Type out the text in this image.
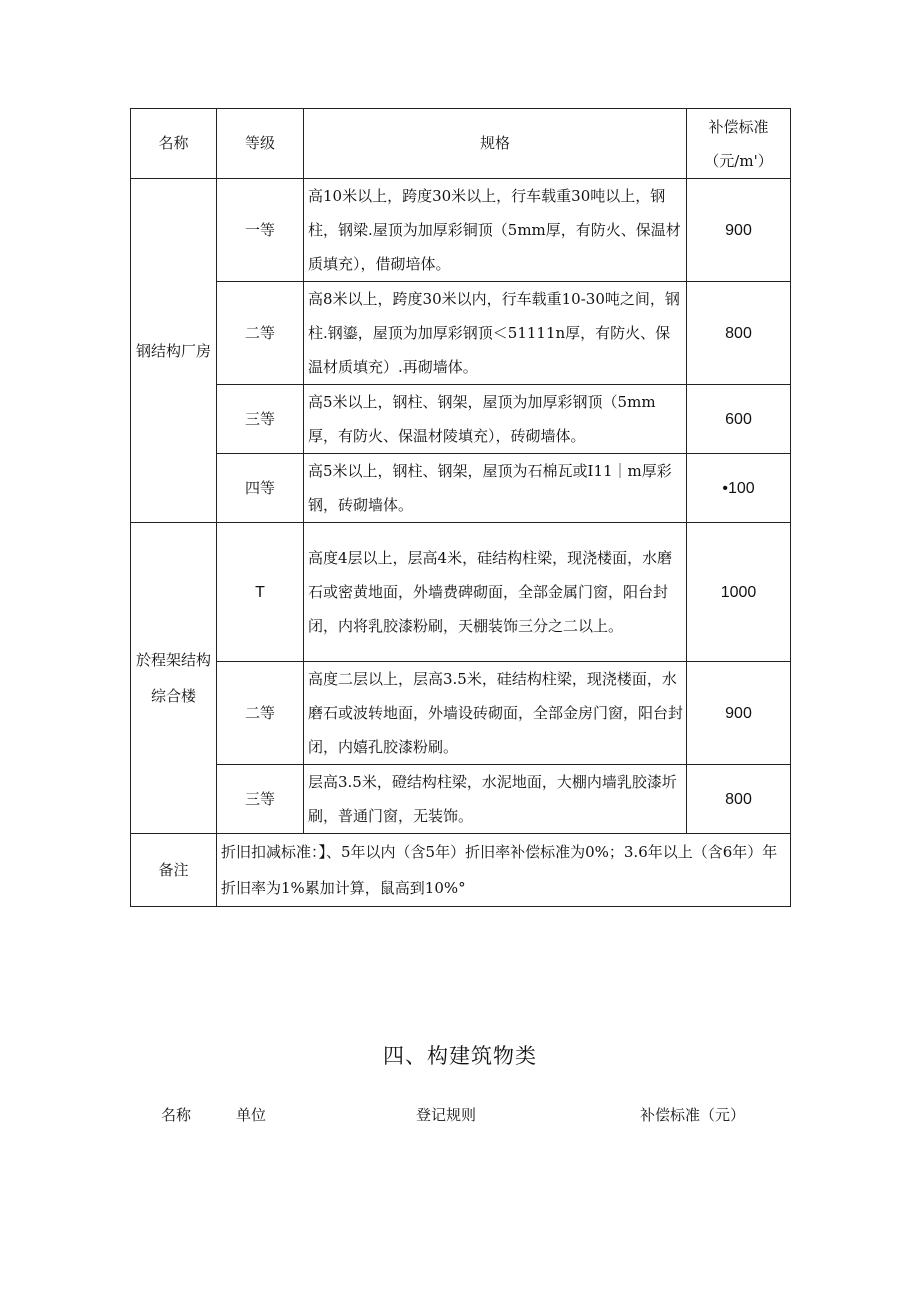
名称	等级	规格	补偿标准（元/m'）
钢结构厂房	一等	高10米以上，跨度30米以上，行车载重30吨以上，钢柱，钢梁.屋顶为加厚彩铜顶（5mm厚，有防火、保温材质填充），借砌培体。	900
	二等	高8米以上，跨度30米以内，行车载重10-30吨之间，钢柱.钢鎏，屋顶为加厚彩钢顶＜51111n厚，有防火、保温材质填充）.再砌墙体。	800
	三等	高5米以上，钢柱、钢架，屋顶为加厚彩钢顶（5mm厚，有防火、保温材陵填充），砖砌墙体。	600
	四等	高5米以上，钢柱、钢架，屋顶为石棉瓦或I11｜m厚彩钢，砖砌墙体。	•100
於程架结构综合楼	T	高度4层以上，层高4米，硅结构柱梁，现浇楼面，水磨石或密黄地面，外墙费碑砌面，全部金属门窗，阳台封闭，内将乳胶漆粉刷，天棚装饰三分之二以上。	1000
	二等	高度二层以上，层高3.5米，硅结构柱梁，现浇楼面，水磨石或波转地面，外墙设砖砌面，全部金房门窗，阳台封闭，内嬉孔胶漆粉刷。	900
	三等	层高3.5米，磴结构柱梁，水泥地面，大棚内墙乳胶漆圻刷，普通门窗，无装饰。	800
备注	折旧扣减标准：】、5年以内（含5年）折旧率补偿标准为0%；3.6年以上（含6年）年折旧率为1%累加计算，鼠高到10%°		
四、构建筑物类
名称	单位	登记规则	补偿标准（元）
